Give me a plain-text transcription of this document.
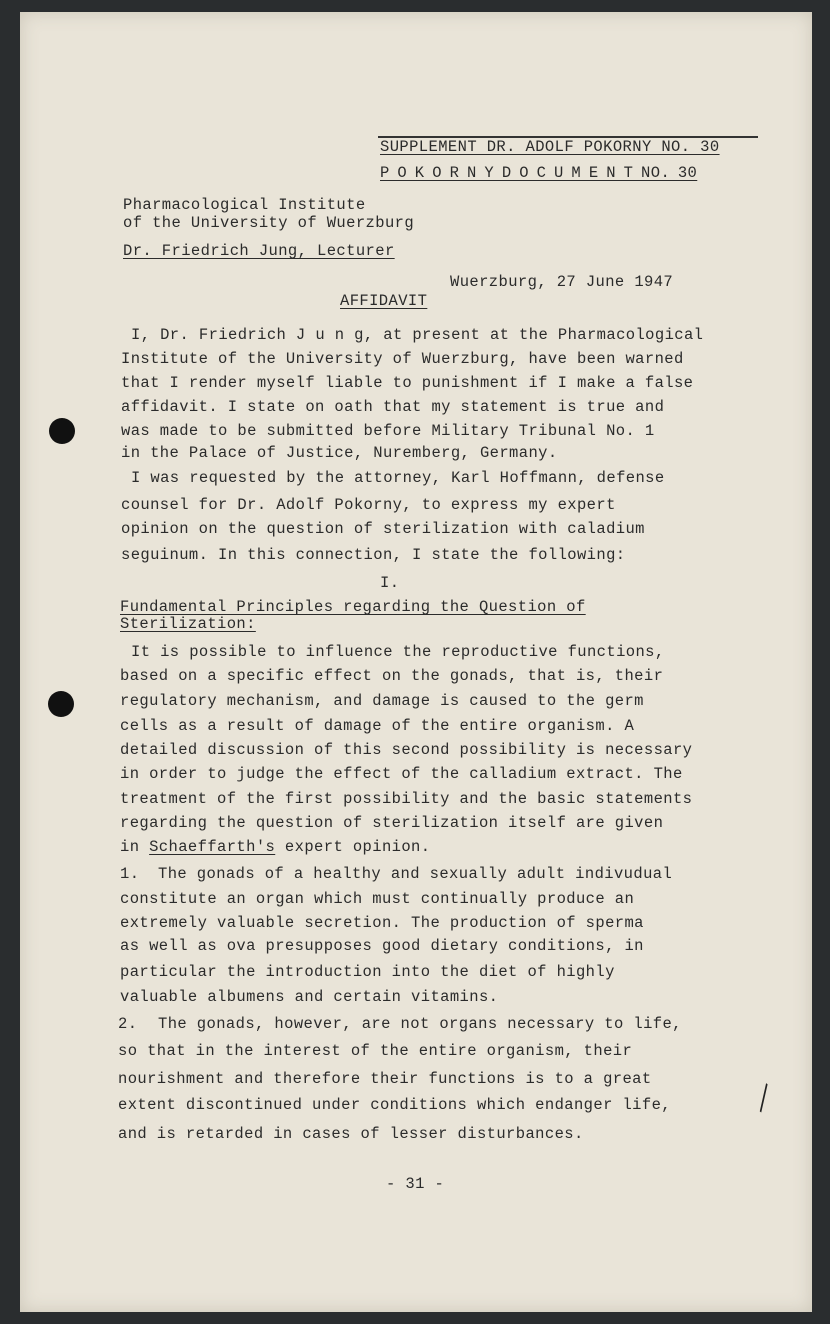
╲
SUPPLEMENT DR. ADOLF POKORNY NO. 30
P O K O R N Y D O C U M E N T NO. 30
Pharmacological Institute
of the University of Wuerzburg
Dr. Friedrich Jung, Lecturer
Wuerzburg, 27 June 1947
AFFIDAVIT
I, Dr. Friedrich J u n g, at present at the Pharmacological
Institute of the University of Wuerzburg, have been warned
that I render myself liable to punishment if I make a false
affidavit. I state on oath that my statement is true and
was made to be submitted before Military Tribunal No. 1
in the Palace of Justice, Nuremberg, Germany.
I was requested by the attorney, Karl Hoffmann, defense
counsel for Dr. Adolf Pokorny, to express my expert
opinion on the question of sterilization with caladium
seguinum. In this connection, I state the following:
I.
Fundamental Principles regarding the Question of
Sterilization:
It is possible to influence the reproductive functions,
based on a specific effect on the gonads, that is, their
regulatory mechanism, and damage is caused to the germ
cells as a result of damage of the entire organism. A
detailed discussion of this second possibility is necessary
in order to judge the effect of the calladium extract. The
treatment of the first possibility and the basic statements
regarding the question of sterilization itself are given
in Schaeffarth's expert opinion.
1. The gonads of a healthy and sexually adult indivudual
constitute an organ which must continually produce an
extremely valuable secretion. The production of sperma
as well as ova presupposes good dietary conditions, in
particular the introduction into the diet of highly
valuable albumens and certain vitamins.
2. The gonads, however, are not organs necessary to life,
so that in the interest of the entire organism, their
nourishment and therefore their functions is to a great
extent discontinued under conditions which endanger life,
and is retarded in cases of lesser disturbances.
- 31 -
